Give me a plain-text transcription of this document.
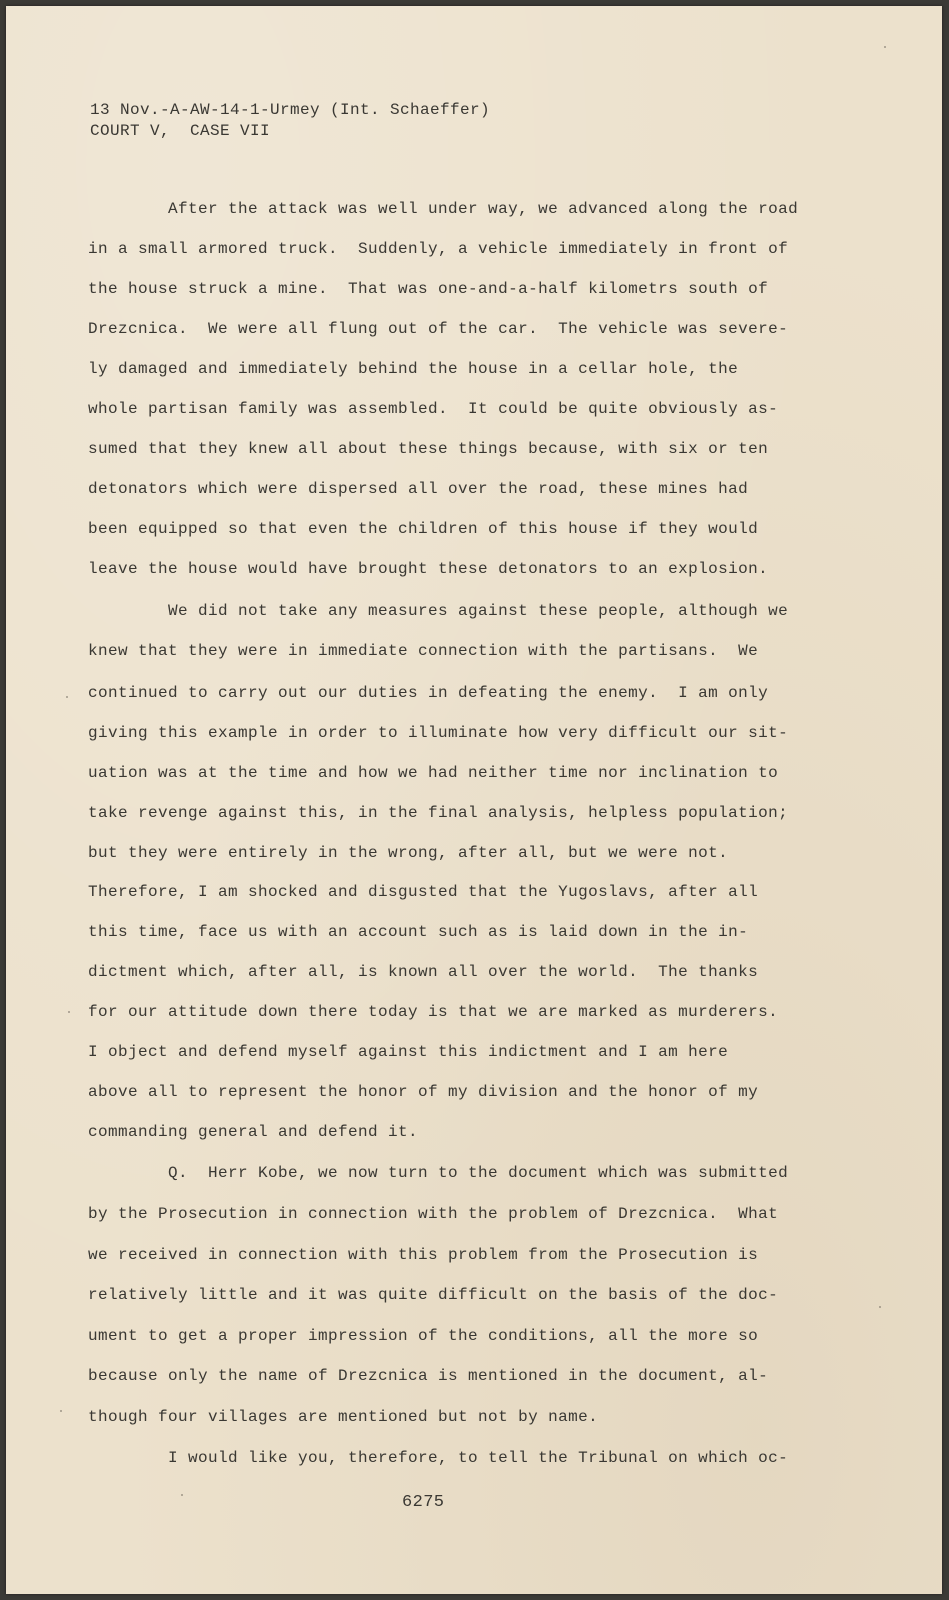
13 Nov.-A-AW-14-1-Urmey (Int. Schaeffer)
COURT V,  CASE VII
After the attack was well under way, we advanced along the road
in a small armored truck.  Suddenly, a vehicle immediately in front of
the house struck a mine.  That was one-and-a-half kilometrs south of
Drezcnica.  We were all flung out of the car.  The vehicle was severe-
ly damaged and immediately behind the house in a cellar hole, the
whole partisan family was assembled.  It could be quite obviously as-
sumed that they knew all about these things because, with six or ten
detonators which were dispersed all over the road, these mines had
been equipped so that even the children of this house if they would
leave the house would have brought these detonators to an explosion.
We did not take any measures against these people, although we
knew that they were in immediate connection with the partisans.  We
continued to carry out our duties in defeating the enemy.  I am only
giving this example in order to illuminate how very difficult our sit-
uation was at the time and how we had neither time nor inclination to
take revenge against this, in the final analysis, helpless population;
but they were entirely in the wrong, after all, but we were not.
Therefore, I am shocked and disgusted that the Yugoslavs, after all
this time, face us with an account such as is laid down in the in-
dictment which, after all, is known all over the world.  The thanks
for our attitude down there today is that we are marked as murderers.
I object and defend myself against this indictment and I am here
above all to represent the honor of my division and the honor of my
commanding general and defend it.
Q.  Herr Kobe, we now turn to the document which was submitted
by the Prosecution in connection with the problem of Drezcnica.  What
we received in connection with this problem from the Prosecution is
relatively little and it was quite difficult on the basis of the doc-
ument to get a proper impression of the conditions, all the more so
because only the name of Drezcnica is mentioned in the document, al-
though four villages are mentioned but not by name.
I would like you, therefore, to tell the Tribunal on which oc-
6275
